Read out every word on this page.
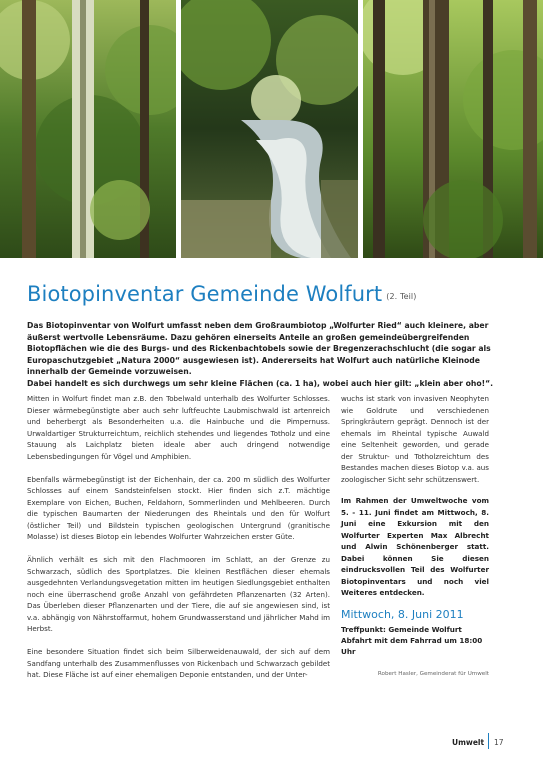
Biotopinventar Gemeinde Wolfurt (2. Teil)

Das Biotopinventar von Wolfurt umfasst neben dem Großraumbiotop „Wolfurter Ried“ auch kleinere, aber äußerst wertvolle Lebensräume. Dazu gehören einerseits Anteile an großen gemeindeübergreifenden Biotopflächen wie die des Burgs- und des Rickenbachtobels sowie der Bregenzerachschlucht (die sogar als Europaschutzgebiet „Natura 2000“ ausgewiesen ist). Andererseits hat Wolfurt auch natürliche Kleinode innerhalb der Gemeinde vorzuweisen.

Dabei handelt es sich durchwegs um sehr kleine Flächen (ca. 1 ha), wobei auch hier gilt: „klein aber oho!“.

Mitten in Wolfurt findet man z.B. den Tobelwald unterhalb des Wolfurter Schlosses. Dieser wärmebegünstigte aber auch sehr luftfeuchte Laubmischwald ist artenreich und beherbergt als Besonderheiten u.a. die Hainbuche und die Pimpernuss. Urwaldartiger Strukturreichtum, reichlich stehendes und liegendes Totholz und eine Stauung als Laichplatz bieten ideale aber auch dringend notwendige Lebensbedingungen für Vögel und Amphibien.

Ebenfalls wärmebegünstigt ist der Eichenhain, der ca. 200 m südlich des Wolfurter Schlosses auf einem Sandsteinfelsen stockt. Hier finden sich z.T. mächtige Exemplare von Eichen, Buchen, Feldahorn, Sommerlinden und Mehlbeeren. Durch die typischen Baumarten der Niederungen des Rheintals und den für Wolfurt (östlicher Teil) und Bildstein typischen geologischen Untergrund (granitische Molasse) ist dieses Biotop ein lebendes Wolfurter Wahrzeichen erster Güte.

Ähnlich verhält es sich mit den Flachmooren im Schlatt, an der Grenze zu Schwarzach, südlich des Sportplatzes. Die kleinen Restflächen dieser ehemals ausgedehnten Verlandungsvegetation mitten im heutigen Siedlungsgebiet enthalten noch eine überraschend große Anzahl von gefährdeten Pflanzenarten (32 Arten). Das Überleben dieser Pflanzenarten und der Tiere, die auf sie angewiesen sind, ist v.a. abhängig von Nährstoffarmut, hohem Grundwasserstand und jährlicher Mahd im Herbst.

Eine besondere Situation findet sich beim Silberweidenauwald, der sich auf dem Sandfang unterhalb des Zusammenflusses von Rickenbach und Schwarzach gebildet hat. Diese Fläche ist auf einer ehemaligen Deponie entstanden, und der Unter-

wuchs ist stark von invasiven Neophyten wie Goldrute und verschiedenen Springkräutern geprägt. Dennoch ist der ehemals im Rheintal typische Auwald eine Seltenheit geworden, und gerade der Struktur- und Totholzreichtum des Bestandes machen dieses Biotop v.a. aus zoologischer Sicht sehr schützenswert.

Im Rahmen der Umweltwoche vom 5. - 11. Juni findet am Mittwoch, 8. Juni eine Exkursion mit den Wolfurter Experten Max Albrecht und Alwin Schönenberger statt. Dabei können Sie diesen eindrucksvollen Teil des Wolfurter Biotopinventars und noch viel Weiteres entdecken.

Mittwoch, 8. Juni 2011
Treffpunkt: Gemeinde Wolfurt
Abfahrt mit dem Fahrrad um 18:00 Uhr
Robert Hasler, Gemeinderat für Umwelt
Umwelt 17
